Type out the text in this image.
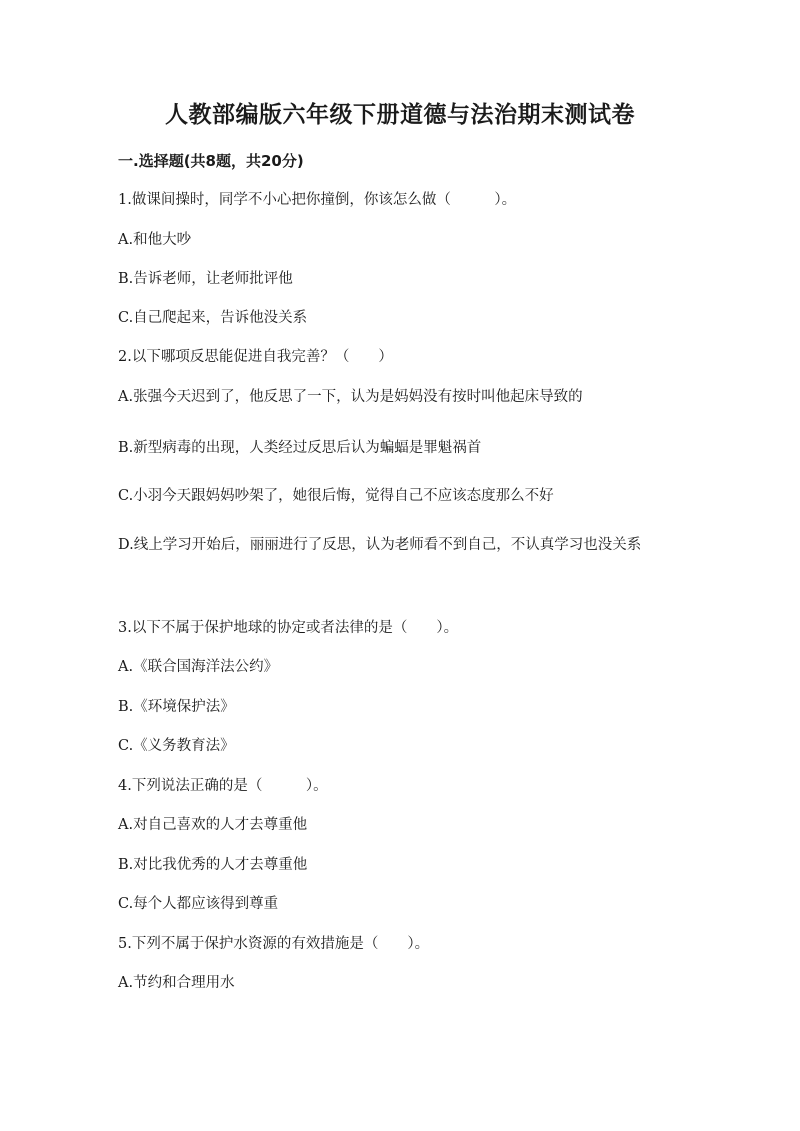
人教部编版六年级下册道德与法治期末测试卷
一.选择题(共8题，共20分)
1.做课间操时，同学不小心把你撞倒，你该怎么做（　　　）。
A.和他大吵
B.告诉老师，让老师批评他
C.自己爬起来，告诉他没关系
2.以下哪项反思能促进自我完善？（　　）
A.张强今天迟到了，他反思了一下，认为是妈妈没有按时叫他起床导致的
B.新型病毒的出现，人类经过反思后认为蝙蝠是罪魁祸首
C.小羽今天跟妈妈吵架了，她很后悔，觉得自己不应该态度那么不好
D.线上学习开始后，丽丽进行了反思，认为老师看不到自己，不认真学习也没关系
3.以下不属于保护地球的协定或者法律的是（　　）。
A.《联合国海洋法公约》
B.《环境保护法》
C.《义务教育法》
4.下列说法正确的是（　　　）。
A.对自己喜欢的人才去尊重他
B.对比我优秀的人才去尊重他
C.每个人都应该得到尊重
5.下列不属于保护水资源的有效措施是（　　）。
A.节约和合理用水
